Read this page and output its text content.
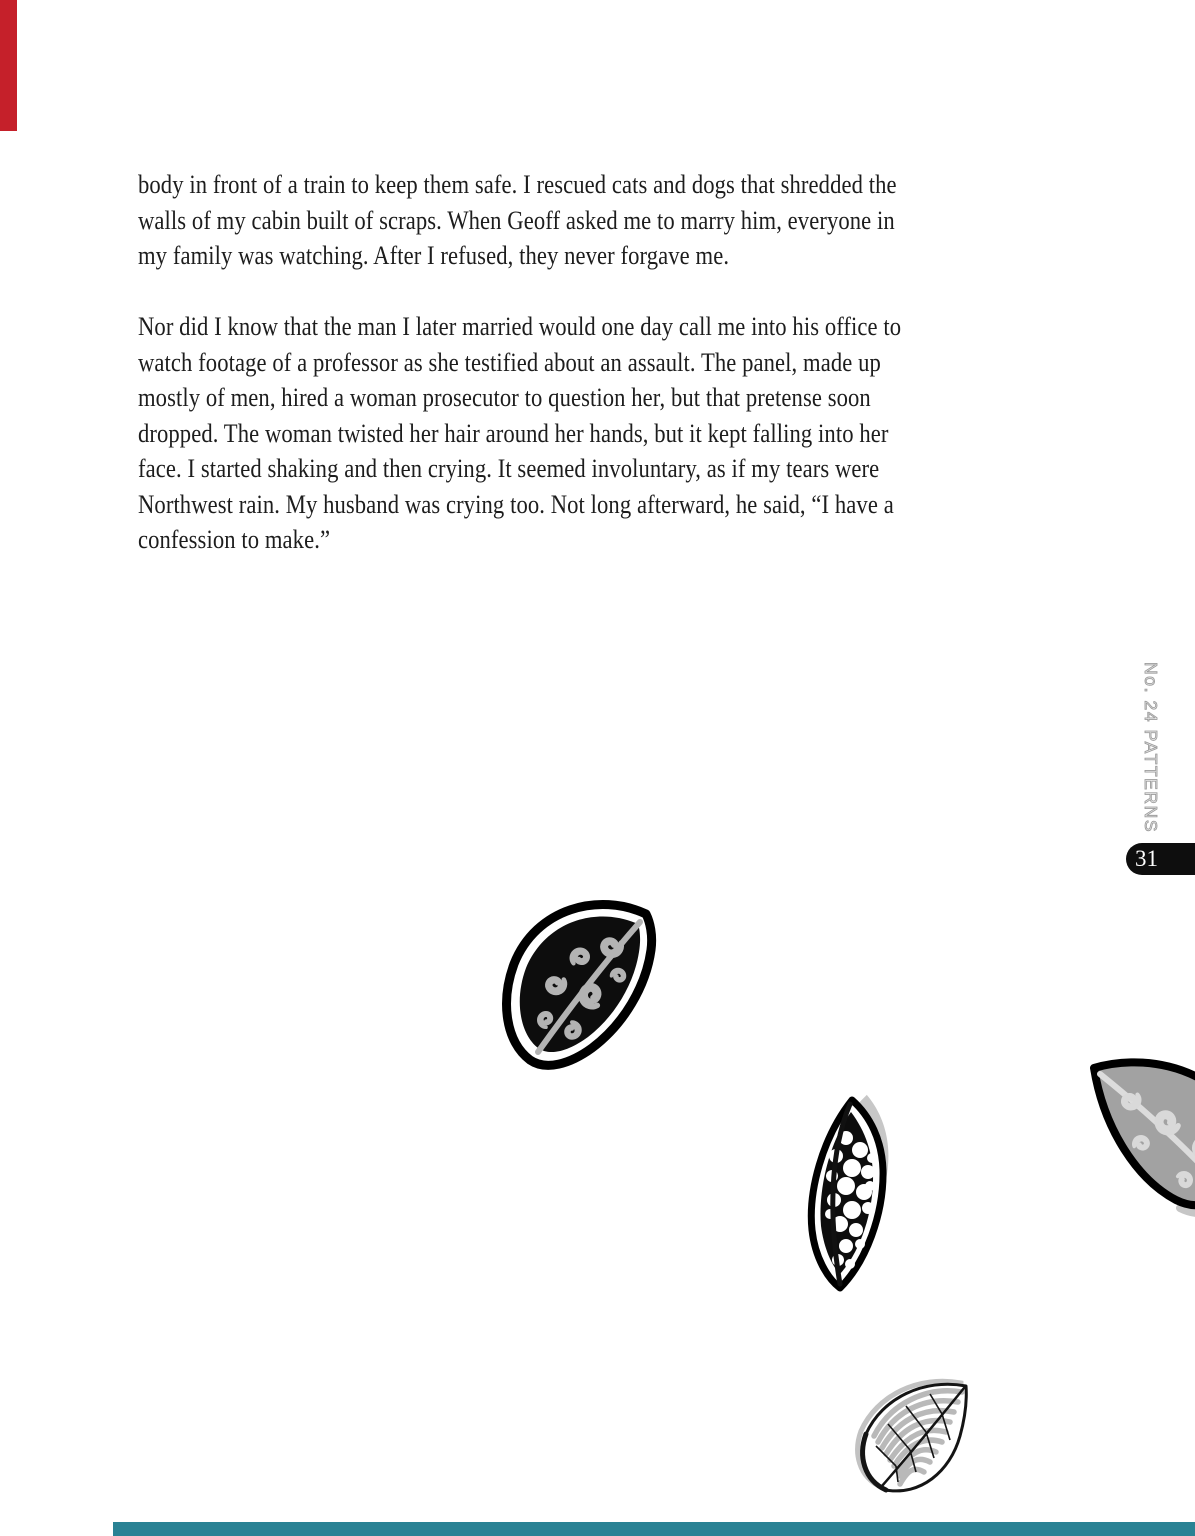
body in front of a train to keep them safe. I rescued cats and dogs that shredded the
walls of my cabin built of scraps. When Geoff asked me to marry him, everyone in
my family was watching. After I refused, they never forgave me.

Nor did I know that the man I later married would one day call me into his office to
watch footage of a professor as she testified about an assault. The panel, made up
mostly of men, hired a woman prosecutor to question her, but that pretense soon
dropped. The woman twisted her hair around her hands, but it kept falling into her
face. I started shaking and then crying. It seemed involuntary, as if my tears were
Northwest rain. My husband was crying too. Not long afterward, he said, “I have a
confession to make.”

No. 24 PATTERNS
31
